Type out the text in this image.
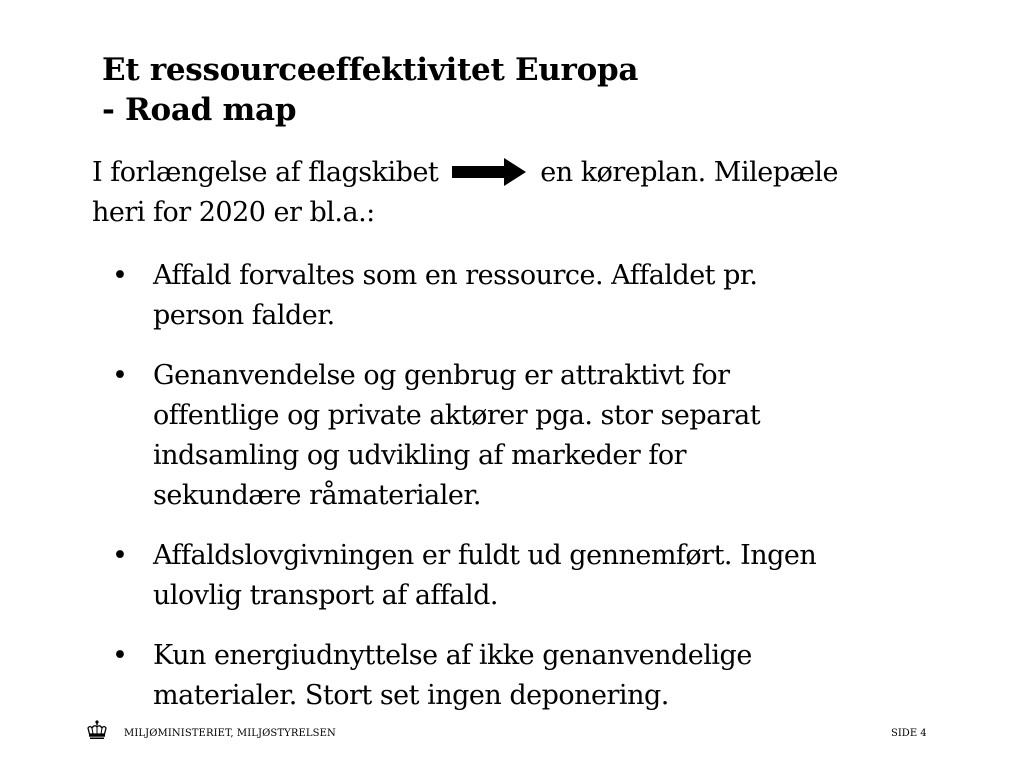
Et ressourceeffektivitet Europa
- Road map
I forlængelse af flagskibet	en køreplan. Milepæle
heri for 2020 er bl.a.:
• Affald forvaltes som en ressource. Affaldet pr.
person falder.
• Genanvendelse og genbrug er attraktivt for
offentlige og private aktører pga. stor separat
indsamling og udvikling af markeder for
sekundære råmaterialer.
• Affaldslovgivningen er fuldt ud gennemført. Ingen
ulovlig transport af affald.
• Kun energiudnyttelse af ikke genanvendelige
materialer. Stort set ingen deponering.
MILJØMINISTERIET, MILJØSTYRELSEN	SIDE 4
